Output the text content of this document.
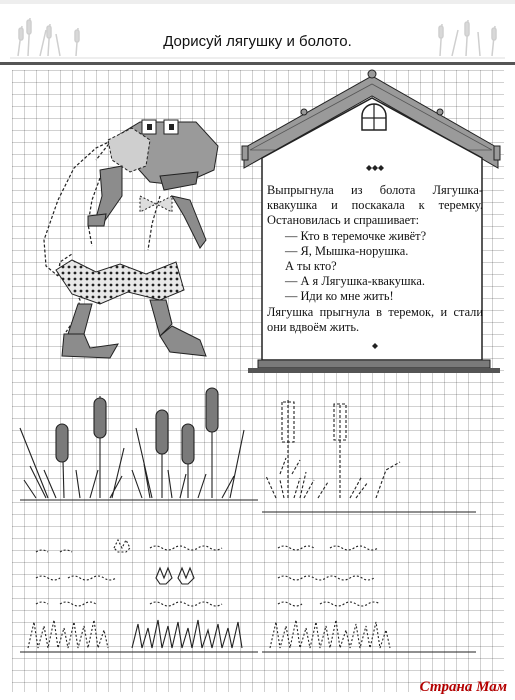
Дорисуй лягушку и болото.

Выпрыгнула из болота Лягушка-квакушка и поскакала к теремку. Остановилась и спрашивает:

— Кто в теремочке живёт?

— Я, Мышка-норушка.

А ты кто?

— А я Лягушка-квакушка.

— Иди ко мне жить!

Лягушка прыгнула в теремок, и стали они вдвоём жить.

Страна Мам
